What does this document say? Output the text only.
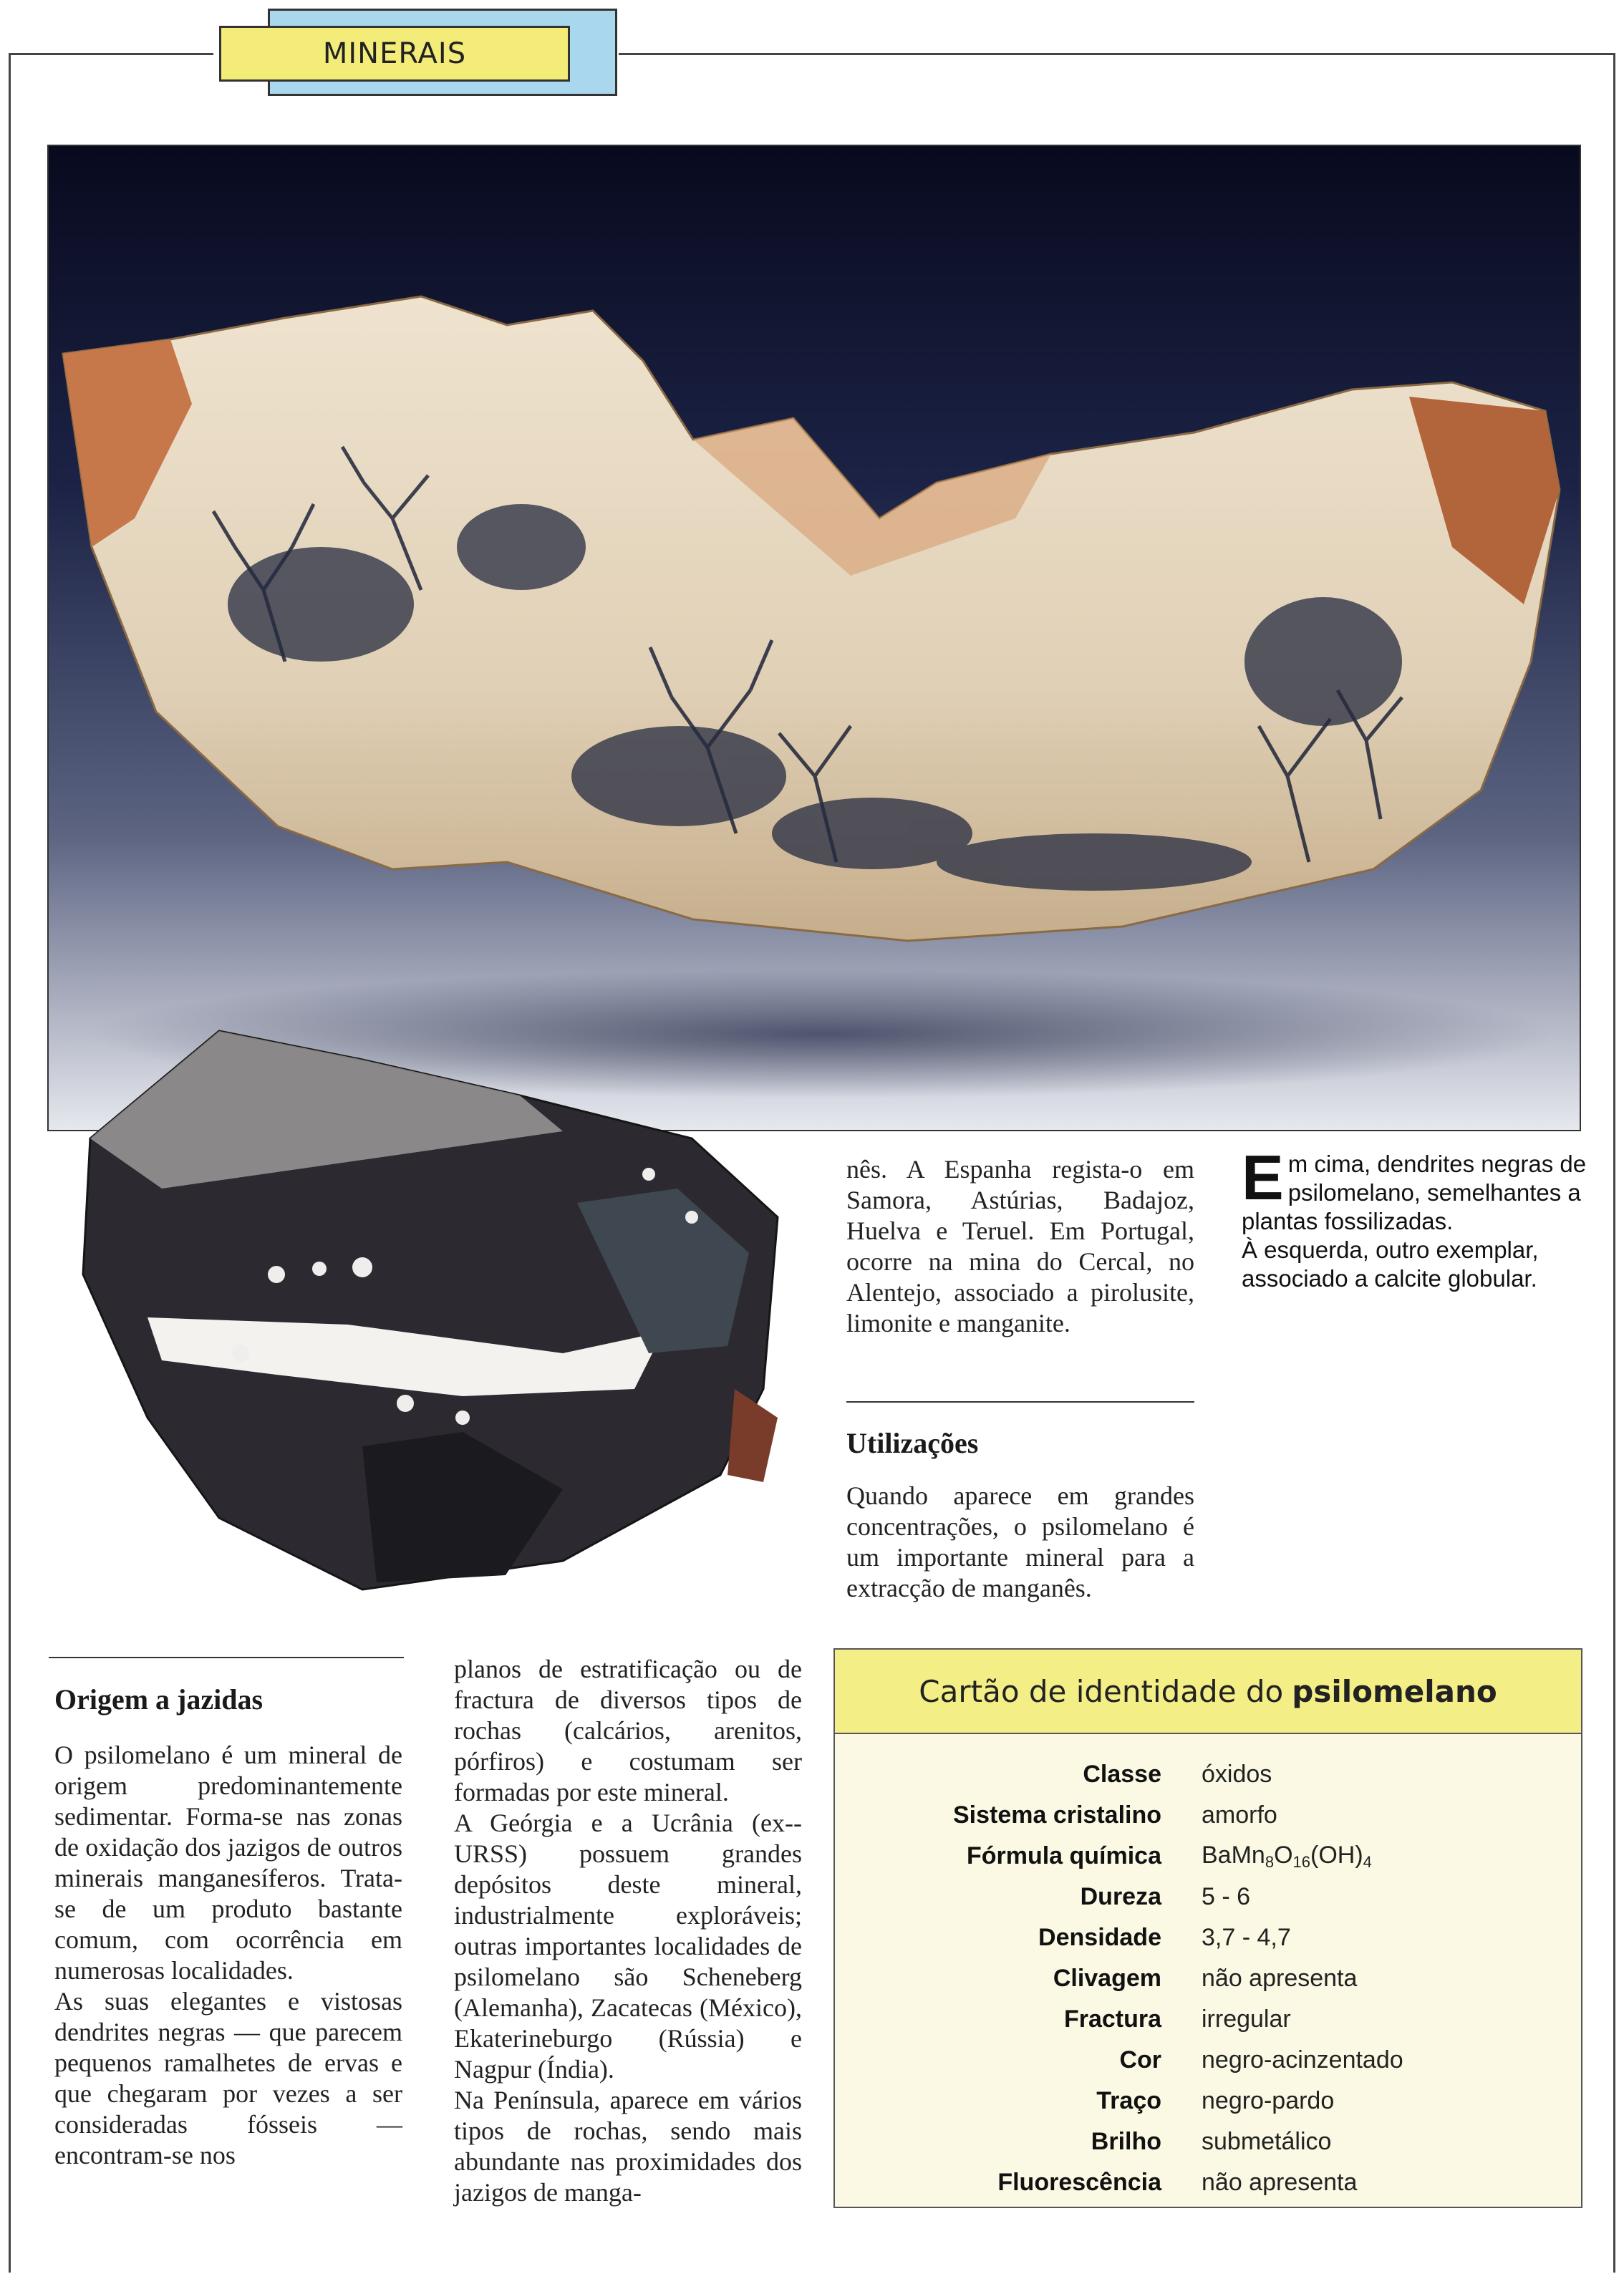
MINERAIS

nês. A Espanha regista-o em Samora, Astúrias, Badajoz, Huelva e Teruel. Em Portugal, ocorre na mina do Cercal, no Alentejo, associado a pirolusite, limonite e manganite.

Utilizações

Quando aparece em grandes concentrações, o psilomelano é um importante mineral para a extracção de manganês.

E m cima, dendrites negras de psilomelano, semelhantes a plantas fossilizadas.
À esquerda, outro exemplar, associado a calcite globular.
Origem a jazidas

O psilomelano é um mineral de origem predominantemente sedimentar. Forma-se nas zonas de oxidação dos jazigos de outros minerais manganesíferos. Trata-se de um produto bastante comum, com ocorrência em numerosas localidades.

As suas elegantes e vistosas dendrites negras — que parecem pequenos ramalhetes de ervas e que chegaram por vezes a ser consideradas fósseis — encontram-se nos

planos de estratificação ou de fractura de diversos tipos de rochas (calcários, arenitos, pórfiros) e costumam ser formadas por este mineral.

A Geórgia e a Ucrânia (ex--URSS) possuem grandes depósitos deste mineral, industrialmente exploráveis; outras importantes localidades de psilomelano são Scheneberg (Alemanha), Zacatecas (México), Ekaterineburgo (Rússia) e Nagpur (Índia).

Na Península, aparece em vários tipos de rochas, sendo mais abundante nas proximidades dos jazigos de manga-

Cartão de identidade do psilomelano
Classe	óxidos
Sistema cristalino	amorfo
Fórmula química	$BaMn_8O_{16}(OH)_4$
Dureza	5 - 6
Densidade	3,7 - 4,7
Clivagem	não apresenta
Fractura	irregular
Cor	negro-acinzentado
Traço	negro-pardo
Brilho	submetálico
Fluorescência	não apresenta
